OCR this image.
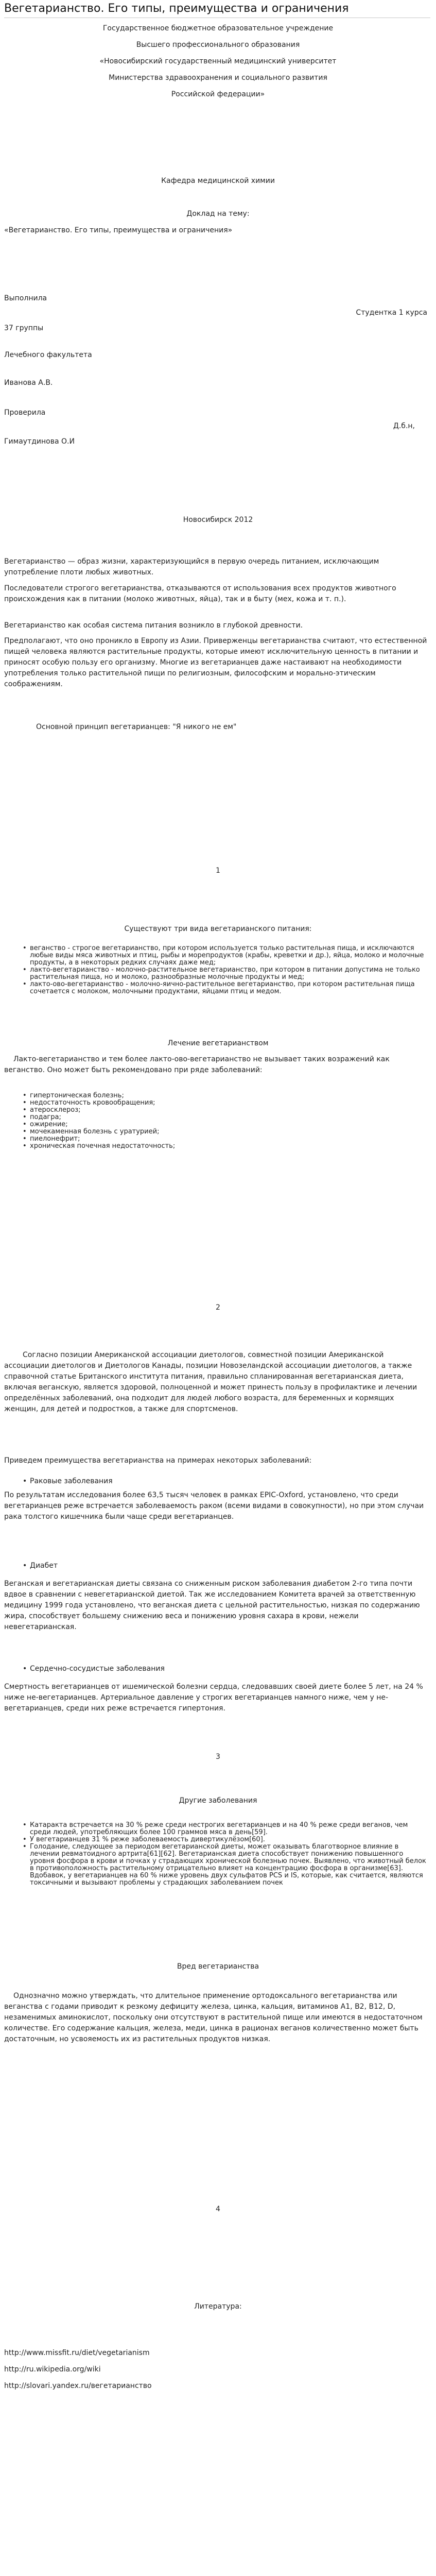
Вегетарианство. Его типы, преимущества и ограничения
Государственное бюджетное образовательное учреждение
Высшего профессионального образования
«Новосибирский государственный медицинский университет
Министерства здравоохранения и социального развития
Российской федерации»
Кафедра медицинской химии
Доклад на тему:
«Вегетарианство. Его типы, преимущества и ограничения»
Выполнила
Студентка 1 курса
37 группы
Лечебного факультета
Иванова А.В.
Проверила
Д.б.н,
Гимаутдинова О.И
Новосибирск 2012

Вегетарианство — образ жизни, характеризующийся в первую очередь питанием, исключающим употребление плоти любых животных.

Последователи строгого вегетарианства, отказываются от использования всех продуктов животного происхождения как в питании (молоко животных, яйца), так и в быту (мех, кожа и т. п.).

Вегетарианство как особая система питания возникло в глубокой древности.

Предполагают, что оно проникло в Европу из Азии. Приверженцы вегетарианства считают, что естественной пищей человека являются растительные продукты, которые имеют исключительную ценность в питании и приносят особую пользу его организму. Многие из вегетарианцев даже настаивают на необходимости употребления только растительной пищи по религиозным, философским и морально-этическим соображениям.

Основной принцип вегетарианцев: "Я никого не ем"
1
Существуют три вида вегетарианского питания:
• веганство - строгое вегетарианство, при котором используется только растительная пища, и исключаются любые виды мяса животных и птиц, рыбы и морепродуктов (крабы, креветки и др.), яйца, молоко и молочные продукты, а в некоторых редких случаях даже мед;
• лакто-вегетарианство - молочно-растительное вегетарианство, при котором в питании допустима не только растительная пища, но и молоко, разнообразные молочные продукты и мед;
• лакто-ово-вегетарианство - молочно-яично-растительное вегетарианство, при котором растительная пища сочетается с молоком, молочными продуктами, яйцами птиц и медом.
Лечение вегетарианством

Лакто-вегетарианство и тем более лакто-ово-вегетарианство не вызывает таких возражений как веганство. Оно может быть рекомендовано при ряде заболеваний:

• гипертоническая болезнь;
• недостаточность кровообращения;
• атеросклероз;
• подагра;
• ожирение;
• мочекаменная болезнь с уратурией;
• пиелонефрит;
• хроническая почечная недостаточность;
2

Согласно позиции Американской ассоциации диетологов, совместной позиции Американской ассоциации диетологов и Диетологов Канады, позиции Новозеландской ассоциации диетологов, а также справочной статье Британского института питания, правильно спланированная вегетарианская диета, включая веганскую, является здоровой, полноценной и может принесть пользу в профилактике и лечении определённых заболеваний, она подходит для людей любого возраста, для беременных и кормящих женщин, для детей и подростков, а также для спортсменов.

Приведем преимущества вегетарианства на примерах некоторых заболеваний:
• Раковые заболевания

По результатам исследования более 63,5 тысяч человек в рамках EPIC-Oxford, установлено, что среди вегетарианцев реже встречается заболеваемость раком (всеми видами в совокупности), но при этом случаи рака толстого кишечника были чаще среди вегетарианцев.

• Диабет

Веганская и вегетарианская диеты связана со сниженным риском заболевания диабетом 2-го типа почти вдвое в сравнении с невегетарианской диетой. Так же исследованием Комитета врачей за ответственную медицину 1999 года установлено, что веганская диета с цельной растительностью, низкая по содержанию жира, способствует большему снижению веса и понижению уровня сахара в крови, нежели невегетарианская.

• Сердечно-сосудистые заболевания

Смертность вегетарианцев от ишемической болезни сердца, следовавших своей диете более 5 лет, на 24 % ниже не-вегетарианцев. Артериальное давление у строгих вегетарианцев намного ниже, чем у не-вегетарианцев, среди них реже встречается гипертония.

3
Другие заболевания
• Катаракта встречается на 30 % реже среди нестрогих вегетарианцев и на 40 % реже среди веганов, чем среди людей, употребляющих более 100 граммов мяса в день[59].
• У вегетарианцев 31 % реже заболеваемость дивертикулёзом[60].
• Голодание, следующее за периодом вегетарианской диеты, может оказывать благотворное влияние в лечении ревматоидного артрита[61][62]. Вегетарианская диета способствует понижению повышенного уровня фосфора в крови и почках у страдающих хронической болезнью почек. Выявлено, что животный белок в противоположность растительному отрицательно влияет на концентрацию фосфора в организме[63]. Вдобавок, у вегетарианцев на 60 % ниже уровень двух сульфатов PCS и IS, которые, как считается, являются токсичными и вызывают проблемы у страдающих заболеванием почек
Вред вегетарианства

Однозначно можно утверждать, что длительное применение ортодоксального вегетарианства или веганства с годами приводит к резкому дефициту железа, цинка, кальция, витаминов А1, В2, В12, D, незаменимых аминокислот, поскольку они отсутствуют в растительной пище или имеются в недостаточном количестве. Его содержание кальция, железа, меди, цинка в рационах веганов количественно может быть достаточным, но усвояемость их из растительных продуктов низкая.

4
Литература:
http://www.missfit.ru/diet/vegetarianism
http://ru.wikipedia.org/wiki
http://slovari.yandex.ru/вегетарианство
